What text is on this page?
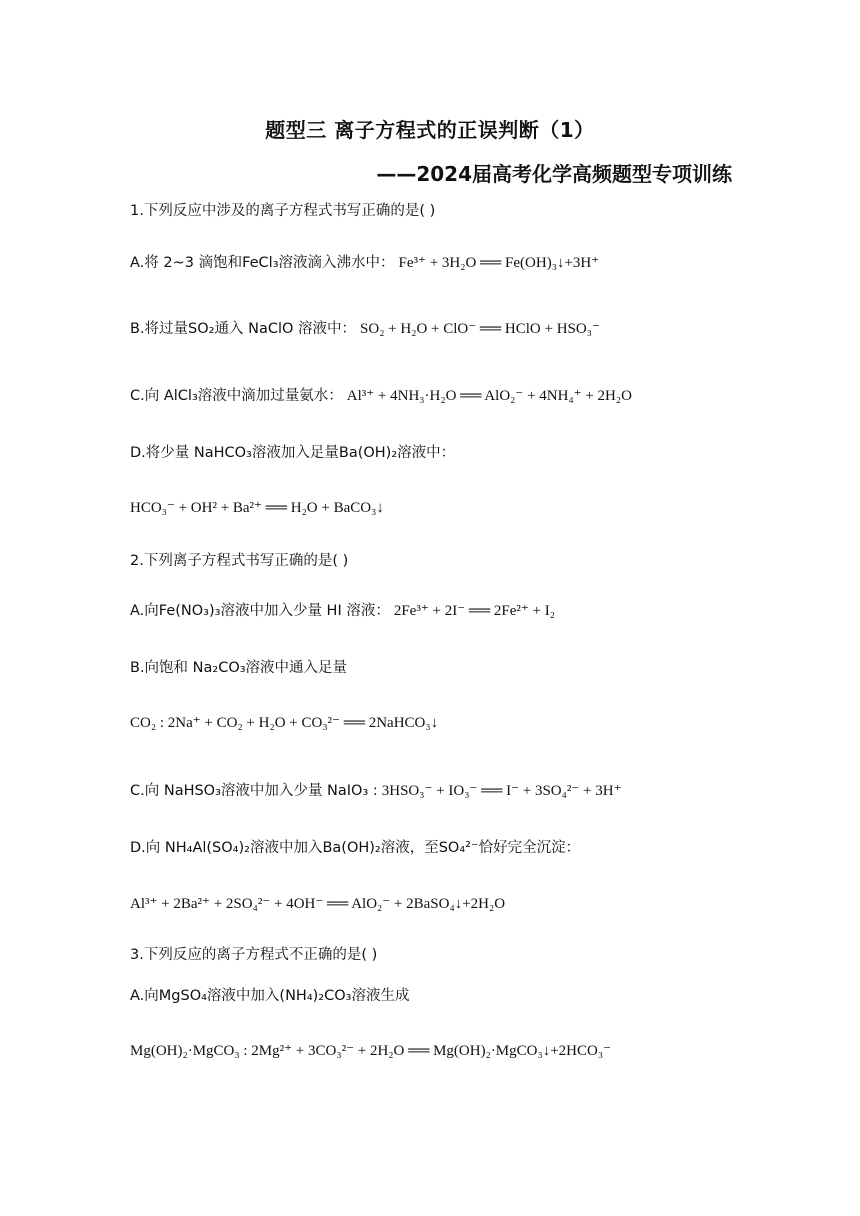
题型三 离子方程式的正误判断（1）
——2024届高考化学高频题型专项训练
1.下列反应中涉及的离子方程式书写正确的是( )
A.将 2~3 滴饱和FeCl₃溶液滴入沸水中： Fe³⁺ + 3H₂O ══ Fe(OH)₃↓+3H⁺
B.将过量SO₂通入 NaClO 溶液中： SO₂ + H₂O + ClO⁻ ══ HClO + HSO₃⁻
C.向 AlCl₃溶液中滴加过量氨水： Al³⁺ + 4NH₃·H₂O ══ AlO₂⁻ + 4NH₄⁺ + 2H₂O
D.将少量 NaHCO₃溶液加入足量Ba(OH)₂溶液中：
HCO₃⁻ + OH² + Ba²⁺ ══ H₂O + BaCO₃↓
2.下列离子方程式书写正确的是( )
A.向Fe(NO₃)₃溶液中加入少量 HI 溶液： 2Fe³⁺ + 2I⁻ ══ 2Fe²⁺ + I₂
B.向饱和 Na₂CO₃溶液中通入足量
CO₂ : 2Na⁺ + CO₂ + H₂O + CO₃²⁻ ══ 2NaHCO₃↓
C.向 NaHSO₃溶液中加入少量 NaIO₃ : 3HSO₃⁻ + IO₃⁻ ══ I⁻ + 3SO₄²⁻ + 3H⁺
D.向 NH₄Al(SO₄)₂溶液中加入Ba(OH)₂溶液，至SO₄²⁻恰好完全沉淀：
Al³⁺ + 2Ba²⁺ + 2SO₄²⁻ + 4OH⁻ ══ AlO₂⁻ + 2BaSO₄↓+2H₂O
3.下列反应的离子方程式不正确的是( )
A.向MgSO₄溶液中加入(NH₄)₂CO₃溶液生成
Mg(OH)₂·MgCO₃ : 2Mg²⁺ + 3CO₃²⁻ + 2H₂O ══ Mg(OH)₂·MgCO₃↓+2HCO₃⁻
